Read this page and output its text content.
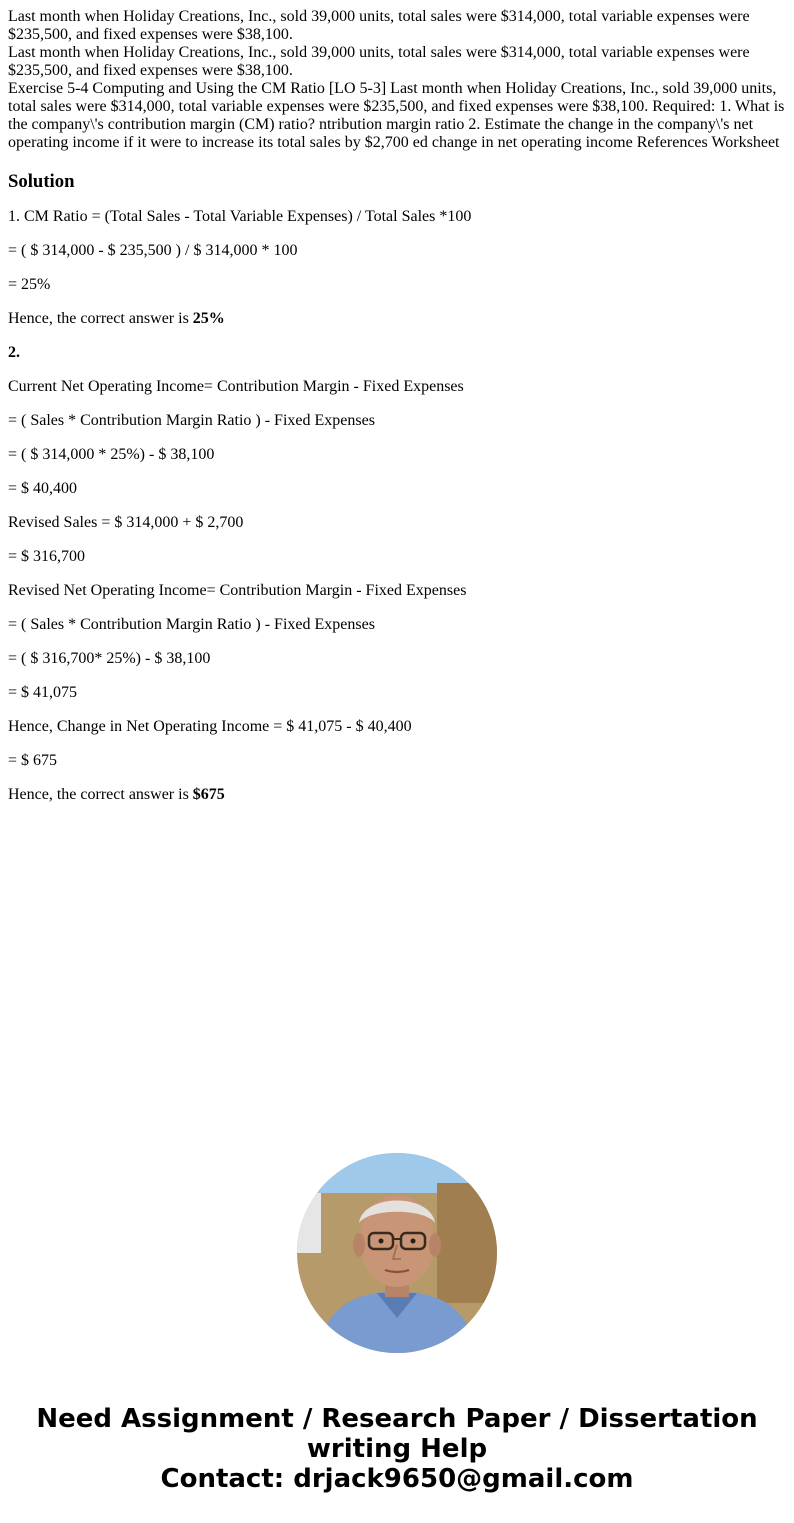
Last month when Holiday Creations, Inc., sold 39,000 units, total sales were $314,000, total variable expenses were $235,500, and fixed expenses were $38,100.

Last month when Holiday Creations, Inc., sold 39,000 units, total sales were $314,000, total variable expenses were $235,500, and fixed expenses were $38,100.

Exercise 5-4 Computing and Using the CM Ratio [LO 5-3] Last month when Holiday Creations, Inc., sold 39,000 units, total sales were $314,000, total variable expenses were $235,500, and fixed expenses were $38,100. Required: 1. What is the company\'s contribution margin (CM) ratio? ntribution margin ratio 2. Estimate the change in the company\'s net operating income if it were to increase its total sales by $2,700 ed change in net operating income References Worksheet

Solution

1. CM Ratio = (Total Sales - Total Variable Expenses) / Total Sales *100

= ( $ 314,000 - $ 235,500 ) / $ 314,000 * 100

= 25%

Hence, the correct answer is 25%

2.

Current Net Operating Income= Contribution Margin - Fixed Expenses

= ( Sales * Contribution Margin Ratio ) - Fixed Expenses

= ( $ 314,000 * 25%) - $ 38,100

= $ 40,400

Revised Sales = $ 314,000 + $ 2,700

= $ 316,700

Revised Net Operating Income= Contribution Margin - Fixed Expenses

= ( Sales * Contribution Margin Ratio ) - Fixed Expenses

= ( $ 316,700* 25%) - $ 38,100

= $ 41,075

Hence, Change in Net Operating Income = $ 41,075 - $ 40,400

= $ 675

Hence, the correct answer is $675

Need Assignment / Research Paper / Dissertation
writing Help
Contact: drjack9650@gmail.com
